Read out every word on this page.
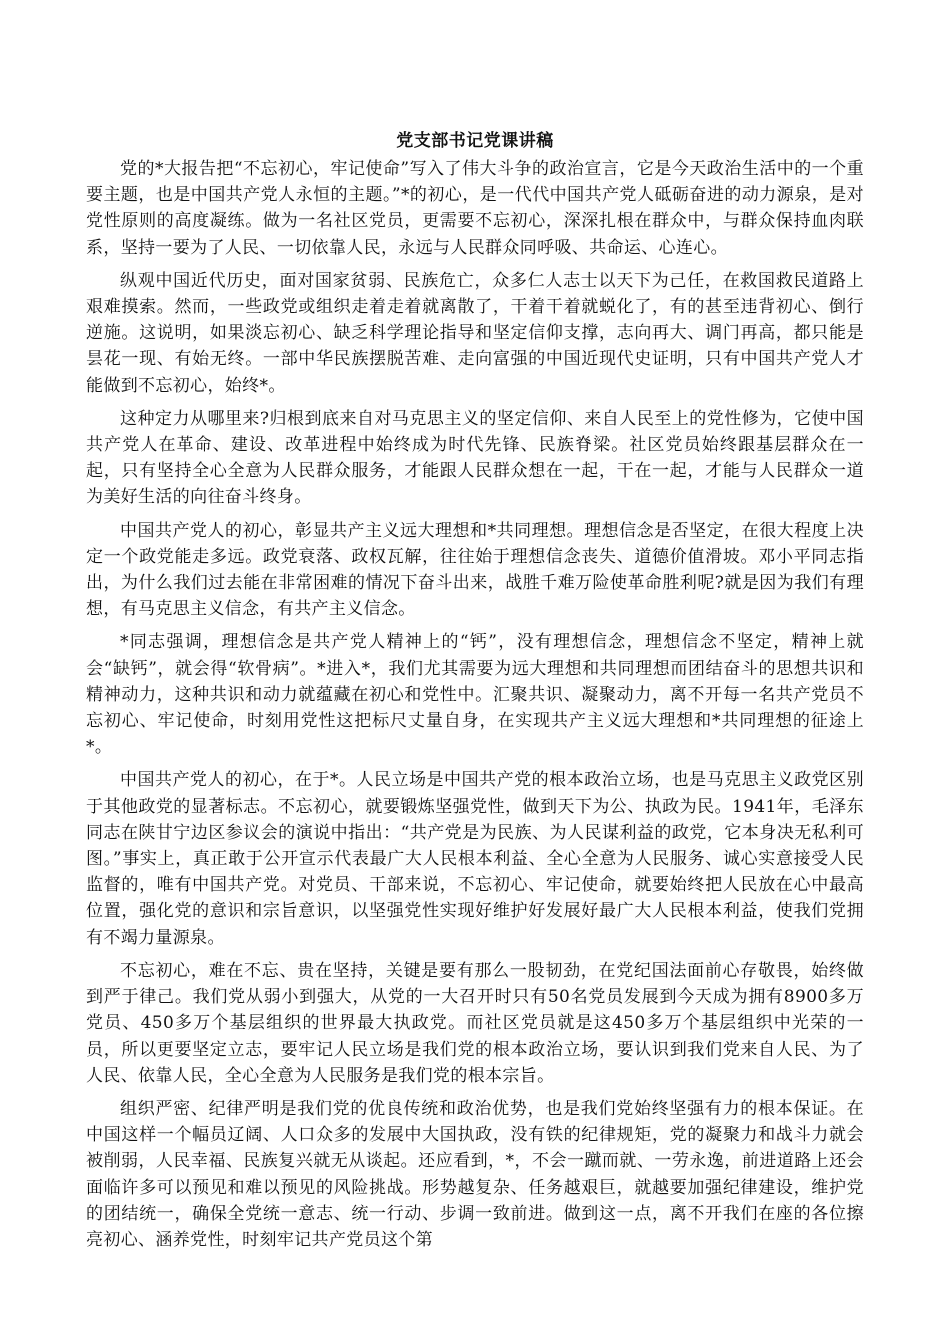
党支部书记党课讲稿

党的*大报告把“不忘初心，牢记使命”写入了伟大斗争的政治宣言，它是今天政治生活中的一个重要主题，也是中国共产党人永恒的主题。”*的初心，是一代代中国共产党人砥砺奋进的动力源泉，是对党性原则的高度凝练。做为一名社区党员，更需要不忘初心，深深扎根在群众中，与群众保持血肉联系，坚持一要为了人民、一切依靠人民，永远与人民群众同呼吸、共命运、心连心。

纵观中国近代历史，面对国家贫弱、民族危亡，众多仁人志士以天下为己任，在救国救民道路上艰难摸索。然而，一些政党或组织走着走着就离散了，干着干着就蜕化了，有的甚至违背初心、倒行逆施。这说明，如果淡忘初心、缺乏科学理论指导和坚定信仰支撑，志向再大、调门再高，都只能是昙花一现、有始无终。一部中华民族摆脱苦难、走向富强的中国近现代史证明，只有中国共产党人才能做到不忘初心，始终*。

这种定力从哪里来?归根到底来自对马克思主义的坚定信仰、来自人民至上的党性修为，它使中国共产党人在革命、建设、改革进程中始终成为时代先锋、民族脊梁。社区党员始终跟基层群众在一起，只有坚持全心全意为人民群众服务，才能跟人民群众想在一起，干在一起，才能与人民群众一道为美好生活的向往奋斗终身。

中国共产党人的初心，彰显共产主义远大理想和*共同理想。理想信念是否坚定，在很大程度上决定一个政党能走多远。政党衰落、政权瓦解，往往始于理想信念丧失、道德价值滑坡。邓小平同志指出，为什么我们过去能在非常困难的情况下奋斗出来，战胜千难万险使革命胜利呢?就是因为我们有理想，有马克思主义信念，有共产主义信念。

*同志强调，理想信念是共产党人精神上的“钙”，没有理想信念，理想信念不坚定，精神上就会“缺钙”，就会得“软骨病”。*进入*，我们尤其需要为远大理想和共同理想而团结奋斗的思想共识和精神动力，这种共识和动力就蕴藏在初心和党性中。汇聚共识、凝聚动力，离不开每一名共产党员不忘初心、牢记使命，时刻用党性这把标尺丈量自身，在实现共产主义远大理想和*共同理想的征途上*。

中国共产党人的初心，在于*。人民立场是中国共产党的根本政治立场，也是马克思主义政党区别于其他政党的显著标志。不忘初心，就要锻炼坚强党性，做到天下为公、执政为民。1941年，毛泽东同志在陕甘宁边区参议会的演说中指出：“共产党是为民族、为人民谋利益的政党，它本身决无私利可图。”事实上，真正敢于公开宣示代表最广大人民根本利益、全心全意为人民服务、诚心实意接受人民监督的，唯有中国共产党。对党员、干部来说，不忘初心、牢记使命，就要始终把人民放在心中最高位置，强化党的意识和宗旨意识，以坚强党性实现好维护好发展好最广大人民根本利益，使我们党拥有不竭力量源泉。

不忘初心，难在不忘、贵在坚持，关键是要有那么一股韧劲，在党纪国法面前心存敬畏，始终做到严于律己。我们党从弱小到强大，从党的一大召开时只有50名党员发展到今天成为拥有8900多万党员、450多万个基层组织的世界最大执政党。而社区党员就是这450多万个基层组织中光荣的一员，所以更要坚定立志，要牢记人民立场是我们党的根本政治立场，要认识到我们党来自人民、为了人民、依靠人民，全心全意为人民服务是我们党的根本宗旨。

组织严密、纪律严明是我们党的优良传统和政治优势，也是我们党始终坚强有力的根本保证。在中国这样一个幅员辽阔、人口众多的发展中大国执政，没有铁的纪律规矩，党的凝聚力和战斗力就会被削弱，人民幸福、民族复兴就无从谈起。还应看到，*，不会一蹴而就、一劳永逸，前进道路上还会面临许多可以预见和难以预见的风险挑战。形势越复杂、任务越艰巨，就越要加强纪律建设，维护党的团结统一，确保全党统一意志、统一行动、步调一致前进。做到这一点，离不开我们在座的各位擦亮初心、涵养党性，时刻牢记共产党员这个第
